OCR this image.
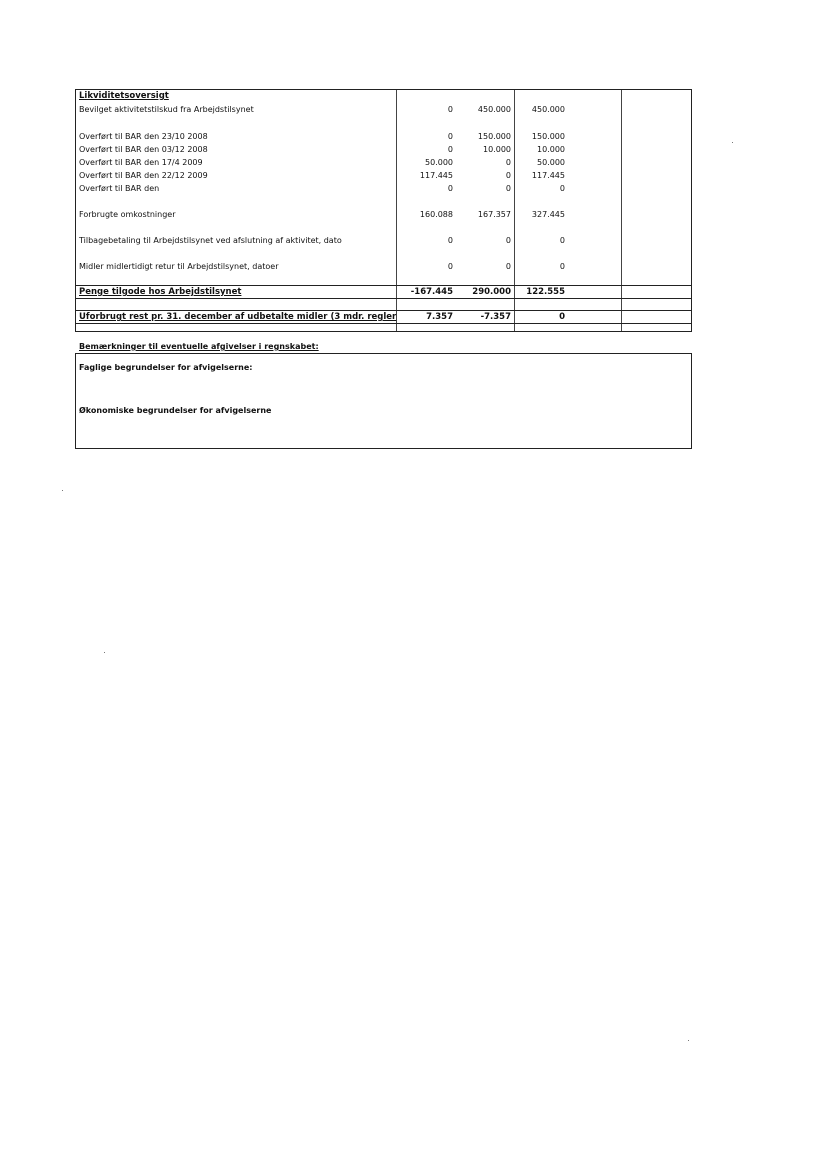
Likviditetsoversigt
Bevilget aktivitetstilskud fra Arbejdstilsynet	0	450.000	450.000
Overført til BAR den 23/10 2008	0	150.000	150.000
Overført til BAR den 03/12 2008	0	10.000	10.000
Overført til BAR den 17/4 2009	50.000	0	50.000
Overført til BAR den 22/12 2009	117.445	0	117.445
Overført til BAR den	0	0	0
Forbrugte omkostninger	160.088	167.357	327.445
Tilbagebetaling til Arbejdstilsynet ved afslutning af aktivitet, dato	0	0	0
Midler midlertidigt retur til Arbejdstilsynet, datoer	0	0	0
Penge tilgode hos Arbejdstilsynet	-167.445	290.000	122.555
Uforbrugt rest pr. 31. december af udbetalte midler (3 mdr. regler	7.357	-7.357	0
Bemærkninger til eventuelle afgivelser i regnskabet:
Faglige begrundelser for afvigelserne:
Økonomiske begrundelser for afvigelserne
